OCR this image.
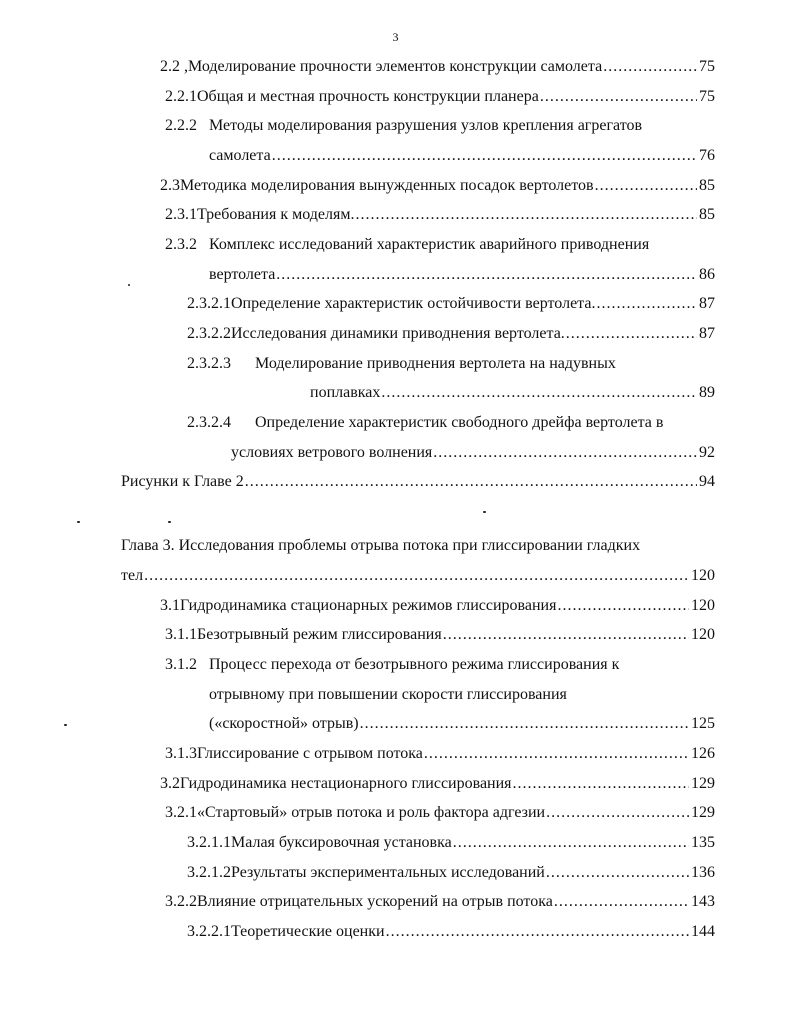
3
2.2 , Моделирование прочности элементов конструкции самолета .....	75
2.2.1 Общая и местная прочность конструкции планера .....	75
2.2.2 Методы моделирования разрушения узлов крепления агрегатов
самолета .....	76
2.3 Методика моделирования вынужденных посадок вертолетов .....	85
2.3.1 Требования к моделям. .....	85
2.3.2 Комплекс исследований характеристик аварийного приводнения
вертолета .....	86
2.3.2.1 Определение характеристик остойчивости вертолета. .....	87
2.3.2.2 Исследования динамики приводнения вертолета. .....	87
2.3.2.3	Моделирование приводнения вертолета на надувных
поплавках .....	89
2.3.2.4	Определение характеристик свободного дрейфа вертолета в
условиях ветрового волнения .....	92
Рисунки к Главе 2 .....	94
Глава 3. Исследования проблемы отрыва потока при глиссировании гладких
тел .....	120
3.1 Гидродинамика стационарных режимов глиссирования .....	120
3.1.1 Безотрывный режим глиссирования .....	120
3.1.2 Процесс перехода от безотрывного режима глиссирования к
отрывному при повышении скорости глиссирования
(«скоростной» отрыв) .....	125
3.1.3 Глиссирование с отрывом потока .....	126
3.2 Гидродинамика нестационарного глиссирования .....	129
3.2.1 «Стартовый» отрыв потока и роль фактора адгезии .....	129
3.2.1.1 Малая буксировочная установка .....	135
3.2.1.2 Результаты экспериментальных исследований .....	136
3.2.2 Влияние отрицательных ускорений на отрыв потока .....	143
3.2.2.1 Теоретические оценки .....	144
